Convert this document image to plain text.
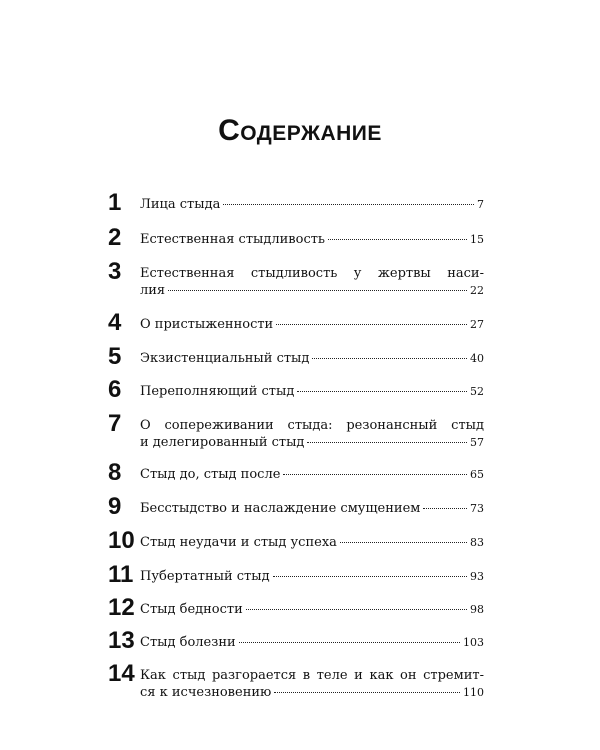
Содержание
1 Лица стыда	7
2 Естественная стыдливость	15
3 Естественная стыдливость у жертвы наси-
лия	22
4 О пристыженности	27
5 Экзистенциальный стыд	40
6 Переполняющий стыд	52
7 О сопереживании стыда: резонансный стыд
и делегированный стыд	57
8 Стыд до, стыд после	65
9 Бесстыдство и наслаждение смущением	73
10 Стыд неудачи и стыд успеха	83
11 Пубертатный стыд	93
12 Стыд бедности	98
13 Стыд болезни	103
14 Как стыд разгорается в теле и как он стремит-
ся к исчезновению	110
